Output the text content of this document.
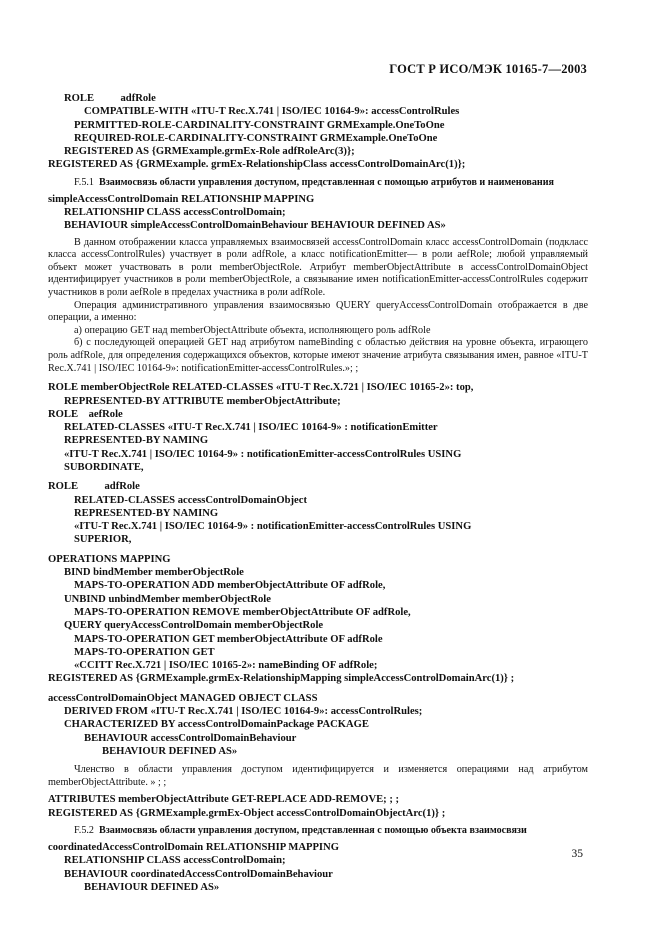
ГОСТ Р ИСО/МЭК 10165-7—2003
ROLE          adfRole
COMPATIBLE-WITH «ITU-T Rec.X.741 | ISO/IEC 10164-9»: accessControlRules
PERMITTED-ROLE-CARDINALITY-CONSTRAINT GRMExample.OneToOne
REQUIRED-ROLE-CARDINALITY-CONSTRAINT GRMExample.OneToOne
REGISTERED AS {GRMExample.grmEx-Role adfRoleArc(3)};
REGISTERED AS {GRMExample. grmEx-RelationshipClass accessControlDomainArc(1)};
F.5.1 Взаимосвязь области управления доступом, представленная с помощью атрибутов и наименования
simpleAccessControlDomain RELATIONSHIP MAPPING
RELATIONSHIP CLASS accessControlDomain;
BEHAVIOUR simpleAccessControlDomainBehaviour BEHAVIOUR DEFINED AS»
В данном отображении класса управляемых взаимосвязей accessControlDomain класс accessControlDomain (подкласс класса accessControlRules) участвует в роли adfRole, а класс notificationEmitter— в роли aefRole; любой управляемый объект может участвовать в роли memberObjectRole. Атрибут memberObjectAttribute в accessControlDomainObject идентифицирует участников в роли memberObjectRole, а связывание имен notificationEmitter-accessControlRules содержит участников в роли aefRole в пределах участника в роли adfRole.
Операция административного управления взаимосвязью QUERY queryAccessControlDomain отображается в две операции, а именно:
а) операцию GET над memberObjectAttribute объекта, исполняющего роль adfRole
б) с последующей операцией GET над атрибутом nameBinding с областью действия на уровне объекта, играющего роль adfRole, для определения содержащихся объектов, которые имеют значение атрибута связывания имен, равное «ITU-T Rec.X.741 | ISO/IEC 10164-9»: notificationEmitter-accessControlRules.»; ;
ROLE memberObjectRole RELATED-CLASSES «ITU-T Rec.X.721 | ISO/IEC 10165-2»: top,
REPRESENTED-BY ATTRIBUTE memberObjectAttribute;
ROLE    aefRole
RELATED-CLASSES «ITU-T Rec.X.741 | ISO/IEC 10164-9» : notificationEmitter
REPRESENTED-BY NAMING
«ITU-T Rec.X.741 | ISO/IEC 10164-9» : notificationEmitter-accessControlRules USING
SUBORDINATE,
ROLE          adfRole
RELATED-CLASSES accessControlDomainObject
REPRESENTED-BY NAMING
«ITU-T Rec.X.741 | ISO/IEC 10164-9» : notificationEmitter-accessControlRules USING
SUPERIOR,
OPERATIONS MAPPING
BIND bindMember memberObjectRole
MAPS-TO-OPERATION ADD memberObjectAttribute OF adfRole,
UNBIND unbindMember memberObjectRole
MAPS-TO-OPERATION REMOVE memberObjectAttribute OF adfRole,
QUERY queryAccessControlDomain memberObjectRole
MAPS-TO-OPERATION GET memberObjectAttribute OF adfRole
MAPS-TO-OPERATION GET
«CCITT Rec.X.721 | ISO/IEC 10165-2»: nameBinding OF adfRole;
REGISTERED AS {GRMExample.grmEx-RelationshipMapping simpleAccessControlDomainArc(1)} ;
accessControlDomainObject MANAGED OBJECT CLASS
DERIVED FROM «ITU-T Rec.X.741 | ISO/IEC 10164-9»: accessControlRules;
CHARACTERIZED BY accessControlDomainPackage PACKAGE
BEHAVIOUR accessControlDomainBehaviour
BEHAVIOUR DEFINED AS»
Членство в области управления доступом идентифицируется и изменяется операциями над атрибутом memberObjectAttribute. » ; ;
ATTRIBUTES memberObjectAttribute GET-REPLACE ADD-REMOVE; ; ;
REGISTERED AS {GRMExample.grmEx-Object accessControlDomainObjectArc(1)} ;
F.5.2 Взаимосвязь области управления доступом, представленная с помощью объекта взаимосвязи
coordinatedAccessControlDomain RELATIONSHIP MAPPING
RELATIONSHIP CLASS accessControlDomain;
BEHAVIOUR coordinatedAccessControlDomainBehaviour
BEHAVIOUR DEFINED AS»
35
